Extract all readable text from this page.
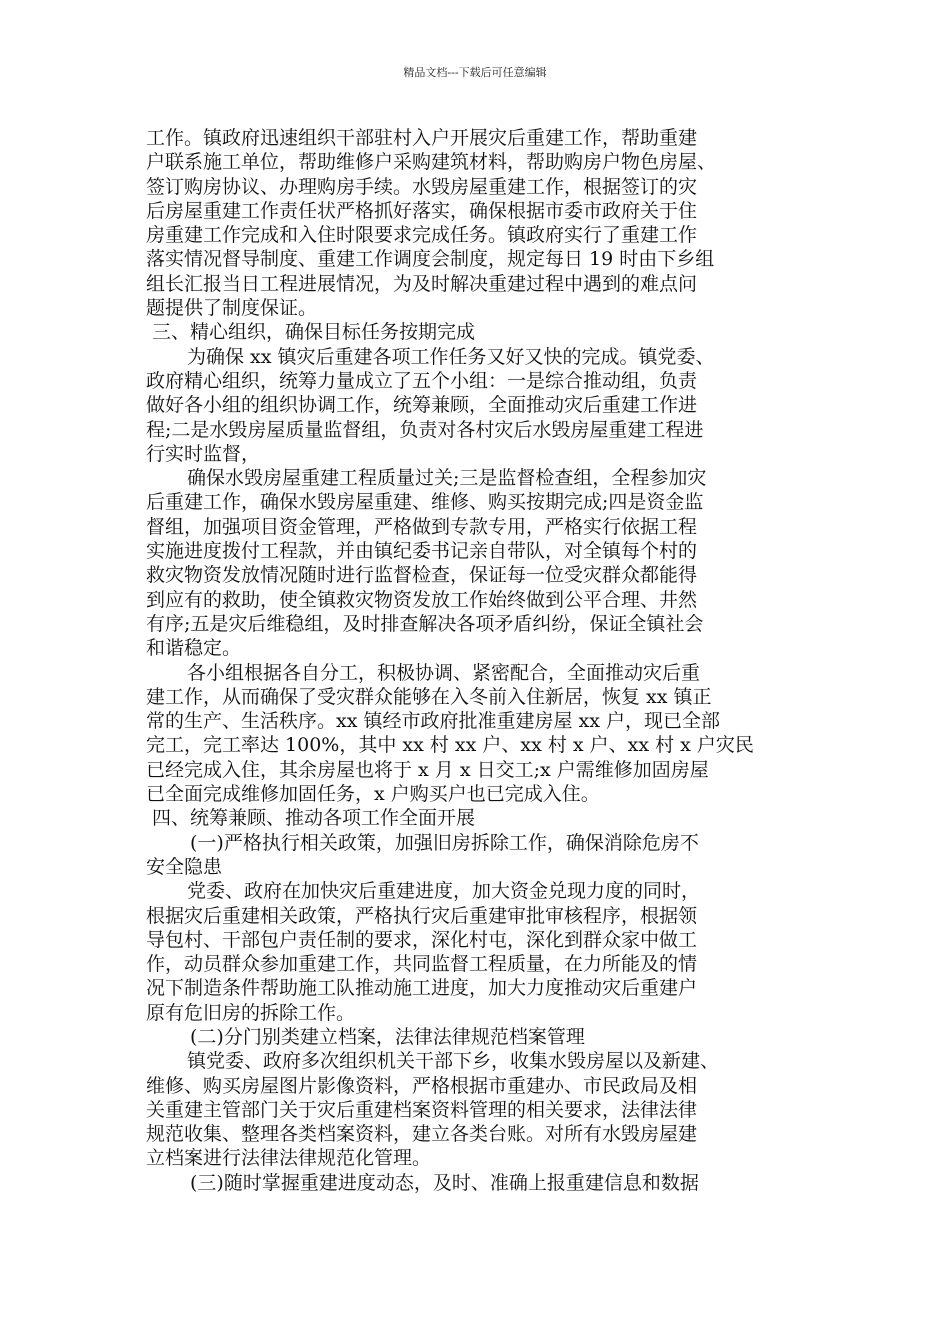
精品文档---下载后可任意编辑
工作。镇政府迅速组织干部驻村入户开展灾后重建工作，帮助重建
户联系施工单位，帮助维修户采购建筑材料，帮助购房户物色房屋、
签订购房协议、办理购房手续。水毁房屋重建工作，根据签订的灾
后房屋重建工作责任状严格抓好落实，确保根据市委市政府关于住
房重建工作完成和入住时限要求完成任务。镇政府实行了重建工作
落实情况督导制度、重建工作调度会制度，规定每日 19 时由下乡组
组长汇报当日工程进展情况，为及时解决重建过程中遇到的难点问
题提供了制度保证。
三、精心组织，确保目标任务按期完成
为确保 xx 镇灾后重建各项工作任务又好又快的完成。镇党委、
政府精心组织，统筹力量成立了五个小组：一是综合推动组，负责
做好各小组的组织协调工作，统筹兼顾，全面推动灾后重建工作进
程;二是水毁房屋质量监督组，负责对各村灾后水毁房屋重建工程进
行实时监督，
确保水毁房屋重建工程质量过关;三是监督检查组，全程参加灾
后重建工作，确保水毁房屋重建、维修、购买按期完成;四是资金监
督组，加强项目资金管理，严格做到专款专用，严格实行依据工程
实施进度拨付工程款，并由镇纪委书记亲自带队，对全镇每个村的
救灾物资发放情况随时进行监督检查，保证每一位受灾群众都能得
到应有的救助，使全镇救灾物资发放工作始终做到公平合理、井然
有序;五是灾后维稳组，及时排查解决各项矛盾纠纷，保证全镇社会
和谐稳定。
各小组根据各自分工，积极协调、紧密配合，全面推动灾后重
建工作，从而确保了受灾群众能够在入冬前入住新居，恢复 xx 镇正
常的生产、生活秩序。xx 镇经市政府批准重建房屋 xx 户，现已全部
完工，完工率达 100%，其中 xx 村 xx 户、xx 村 x 户、xx 村 x 户灾民
已经完成入住，其余房屋也将于 x 月 x 日交工;x 户需维修加固房屋
已全面完成维修加固任务，x 户购买户也已完成入住。
四、统筹兼顾、推动各项工作全面开展
(一)严格执行相关政策，加强旧房拆除工作，确保消除危房不
安全隐患
党委、政府在加快灾后重建进度，加大资金兑现力度的同时，
根据灾后重建相关政策，严格执行灾后重建审批审核程序，根据领
导包村、干部包户责任制的要求，深化村屯，深化到群众家中做工
作，动员群众参加重建工作，共同监督工程质量，在力所能及的情
况下制造条件帮助施工队推动施工进度，加大力度推动灾后重建户
原有危旧房的拆除工作。
(二)分门别类建立档案，法律法律规范档案管理
镇党委、政府多次组织机关干部下乡，收集水毁房屋以及新建、
维修、购买房屋图片影像资料，严格根据市重建办、市民政局及相
关重建主管部门关于灾后重建档案资料管理的相关要求，法律法律
规范收集、整理各类档案资料，建立各类台账。对所有水毁房屋建
立档案进行法律法律规范化管理。
(三)随时掌握重建进度动态，及时、准确上报重建信息和数据
